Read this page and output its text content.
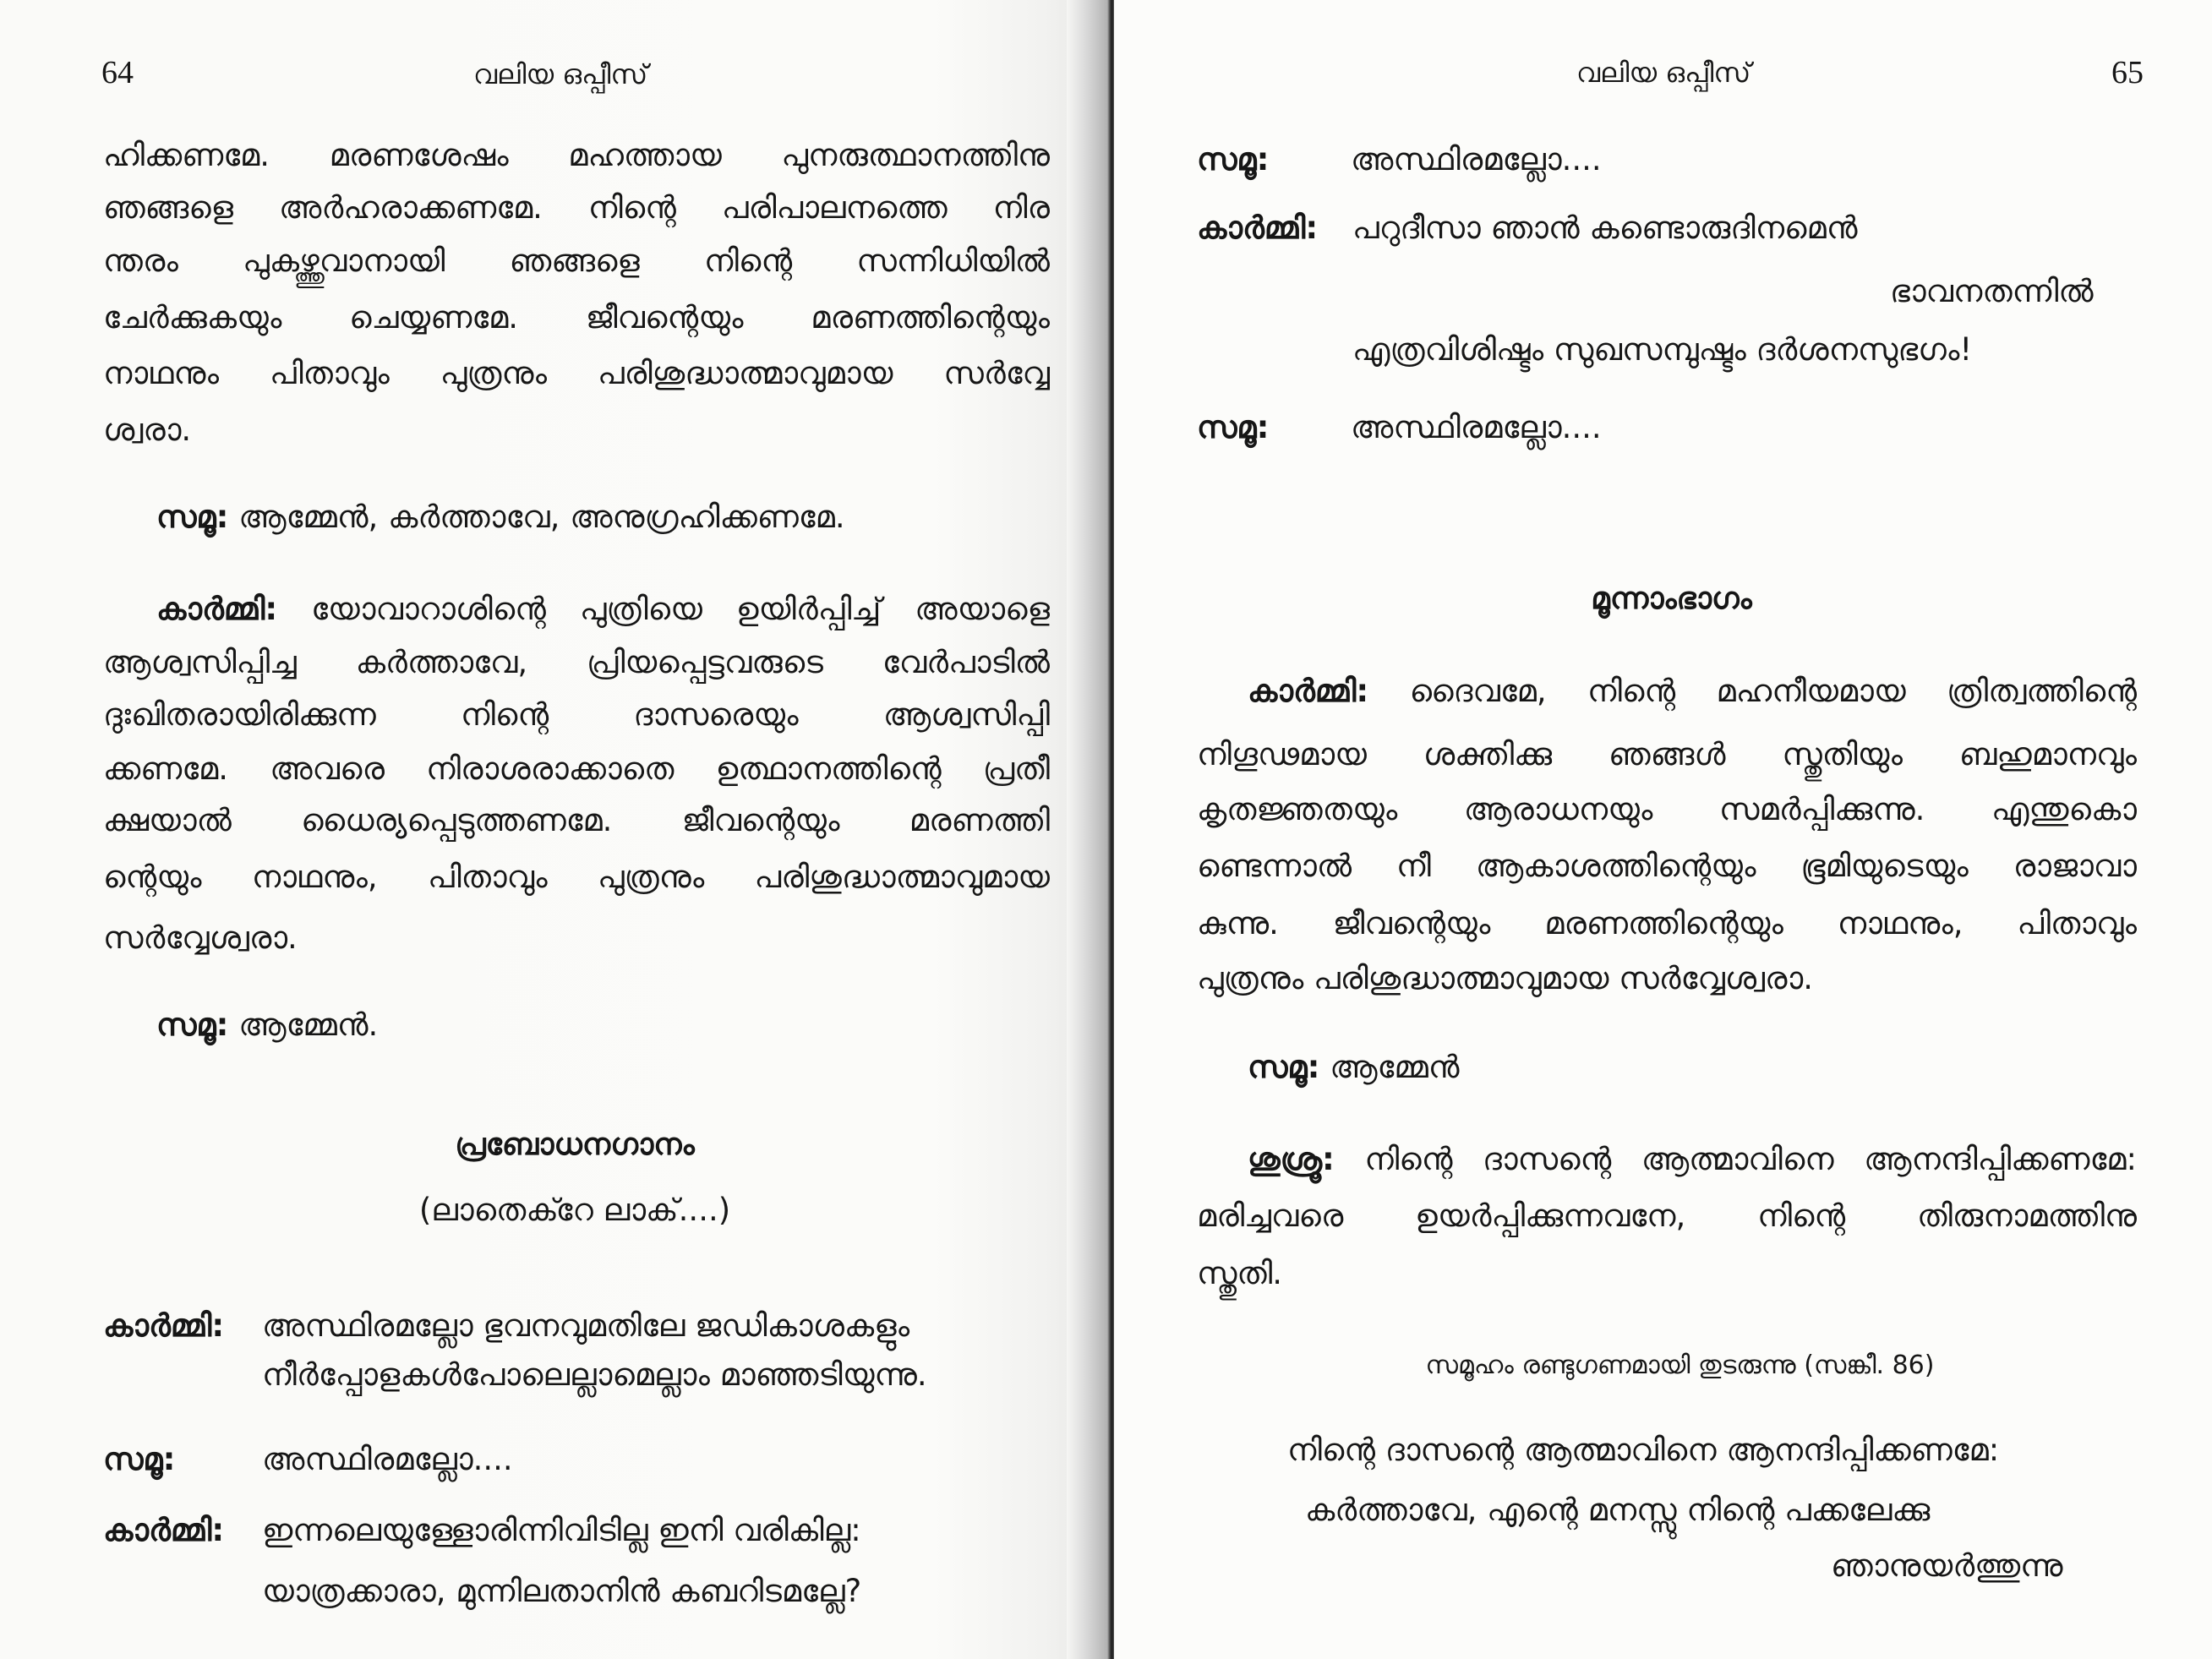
64	വലിയ ഒപ്പീസ്
ഹിക്കണമേ. മരണശേഷം മഹത്തായ പുനരുത്ഥാനത്തിനു
ഞങ്ങളെ അർഹരാക്കണമേ. നിന്റെ പരിപാലനത്തെ നിര
ന്തരം പുകഴ്ത്തുവാനായി ഞങ്ങളെ നിന്റെ സന്നിധിയിൽ
ചേർക്കുകയും ചെയ്യണമേ. ജീവന്റെയും മരണത്തിന്റെയും
നാഥനും പിതാവും പുത്രനും പരിശുദ്ധാത്മാവുമായ സർവ്വേ
ശ്വരാ.
സമൂ: ആമ്മേൻ, കർത്താവേ, അനുഗ്രഹിക്കണമേ.
കാർമ്മി: യോവാറാശിന്റെ പുത്രിയെ ഉയിർപ്പിച്ച് അയാളെ
ആശ്വസിപ്പിച്ച കർത്താവേ, പ്രിയപ്പെട്ടവരുടെ വേർപാടിൽ
ദുഃഖിതരായിരിക്കുന്ന നിന്റെ ദാസരെയും ആശ്വസിപ്പി
ക്കണമേ. അവരെ നിരാശരാക്കാതെ ഉത്ഥാനത്തിന്റെ പ്രതീ
ക്ഷയാൽ ധൈര്യപ്പെടുത്തണമേ. ജീവന്റെയും മരണത്തി
ന്റെയും നാഥനും, പിതാവും പുത്രനും പരിശുദ്ധാത്മാവുമായ
സർവ്വേശ്വരാ.
സമൂ: ആമ്മേൻ.
പ്രബോധനഗാനം
(ലാതെക്റേ ലാക്....)
കാർമ്മി: അസ്ഥിരമല്ലോ ഭുവനവുമതിലേ ജഡികാശകളും
നീർപ്പോളകൾപോലെല്ലാമെല്ലാം മാഞ്ഞടിയുന്നു.
സമൂ:	അസ്ഥിരമല്ലോ....
കാർമ്മി: ഇന്നലെയുള്ളോരിന്നിവിടില്ല ഇനി വരികില്ല:
യാത്രക്കാരാ, മുന്നിലതാനിൻ കബറിടമല്ലേ?
വലിയ ഒപ്പീസ്	65
സമൂ:	അസ്ഥിരമല്ലോ....
കാർമ്മി: പറുദീസാ ഞാൻ കണ്ടൊരുദിനമെൻ
ഭാവനതന്നിൽ
എത്രവിശിഷ്ടം സുഖസമ്പുഷ്ടം ദർശനസുഭഗം!
സമൂ:	അസ്ഥിരമല്ലോ....
മൂന്നാംഭാഗം
കാർമ്മി: ദൈവമേ, നിന്റെ മഹനീയമായ ത്രിത്വത്തിന്റെ
നിഗൂഢമായ ശക്തിക്കു ഞങ്ങൾ സ്തുതിയും ബഹുമാനവും
കൃതജ്ഞതയും ആരാധനയും സമർപ്പിക്കുന്നു. എന്തുകൊ
ണ്ടെന്നാൽ നീ ആകാശത്തിന്റെയും ഭൂമിയുടെയും രാജാവാ
കുന്നു. ജീവന്റെയും മരണത്തിന്റെയും നാഥനും, പിതാവും
പുത്രനും പരിശുദ്ധാത്മാവുമായ സർവ്വേശ്വരാ.
സമൂ: ആമ്മേൻ
ശുശ്രൂ: നിന്റെ ദാസന്റെ ആത്മാവിനെ ആനന്ദിപ്പിക്കണമേ:
മരിച്ചവരെ ഉയർപ്പിക്കുന്നവനേ, നിന്റെ തിരുനാമത്തിനു
സ്തുതി.
സമൂഹം രണ്ടുഗണമായി തുടരുന്നു (സങ്കീ. 86)
നിന്റെ ദാസന്റെ ആത്മാവിനെ ആനന്ദിപ്പിക്കണമേ:
കർത്താവേ, എന്റെ മനസ്സു നിന്റെ പക്കലേക്കു
ഞാനുയർത്തുന്നു
